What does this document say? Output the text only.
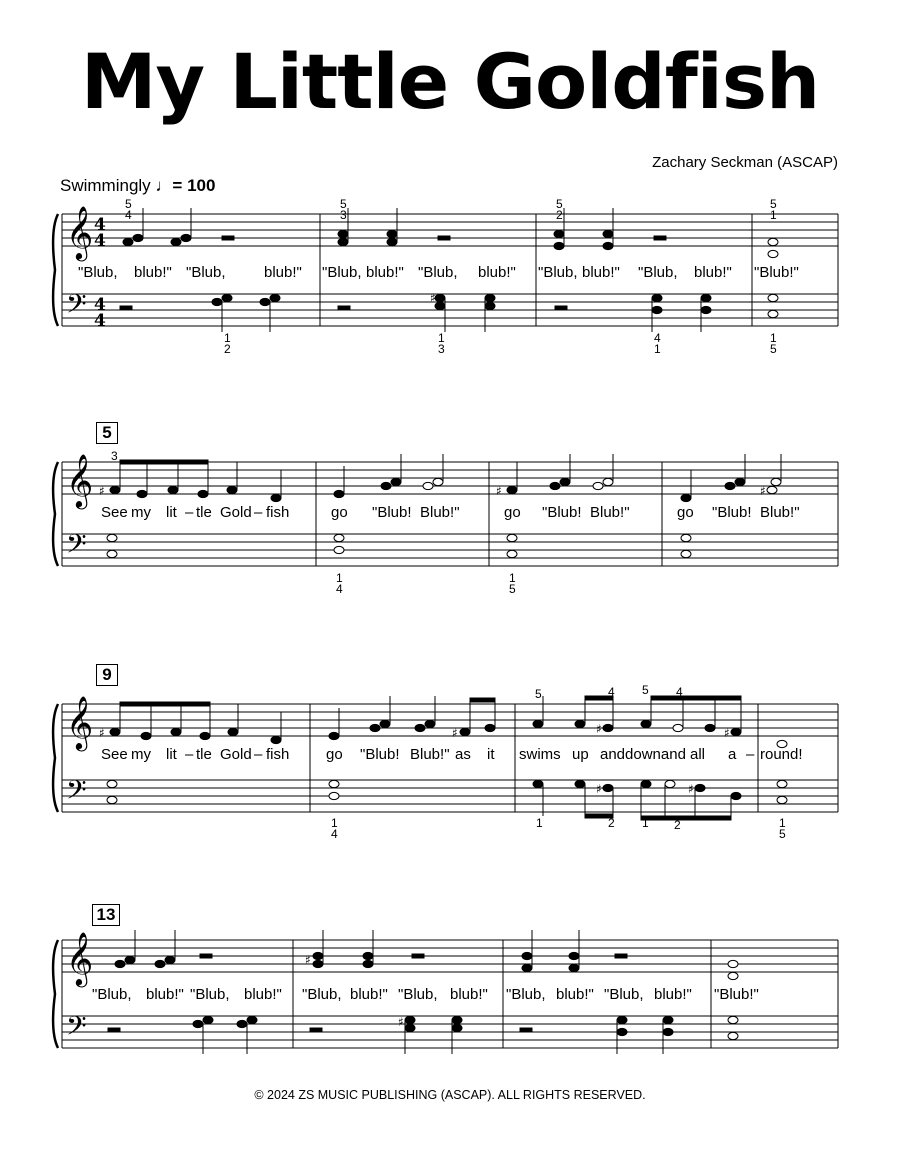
My Little Goldfish
Zachary Seckman (ASCAP)
Swimmingly ♩= 100
𝄞
𝄢
4
4
4
4
♯
"Blub, blub!" "Blub,	blub!" "Blub, blub!" "Blub, blub!" "Blub, blub!" "Blub, blub!" "Blub!"
5
4
5
3
5
2
5
1
1
2
1
3
4
1
1
5
5
𝄞
𝄢
♯	♯	♯
3
See my lit – tle Gold – fish	go "Blub! Blub!"	go "Blub! Blub!"	go "Blub! Blub!"
1
4
1
5
9
𝄞
𝄢
♯	♯	♯	♯
♯	♯
5	4 5 4
See my lit – tle Gold – fish go "Blub! Blub!" as it swims up anddownand all a – round!
1
4
1	2 1 2	1
5
13
𝄞
𝄢
♯
♯
"Blub, blub!" "Blub, blub!" "Blub, blub!" "Blub, blub!" "Blub, blub!" "Blub, blub!" "Blub!"
© 2024 ZS MUSIC PUBLISHING (ASCAP). ALL RIGHTS RESERVED.
